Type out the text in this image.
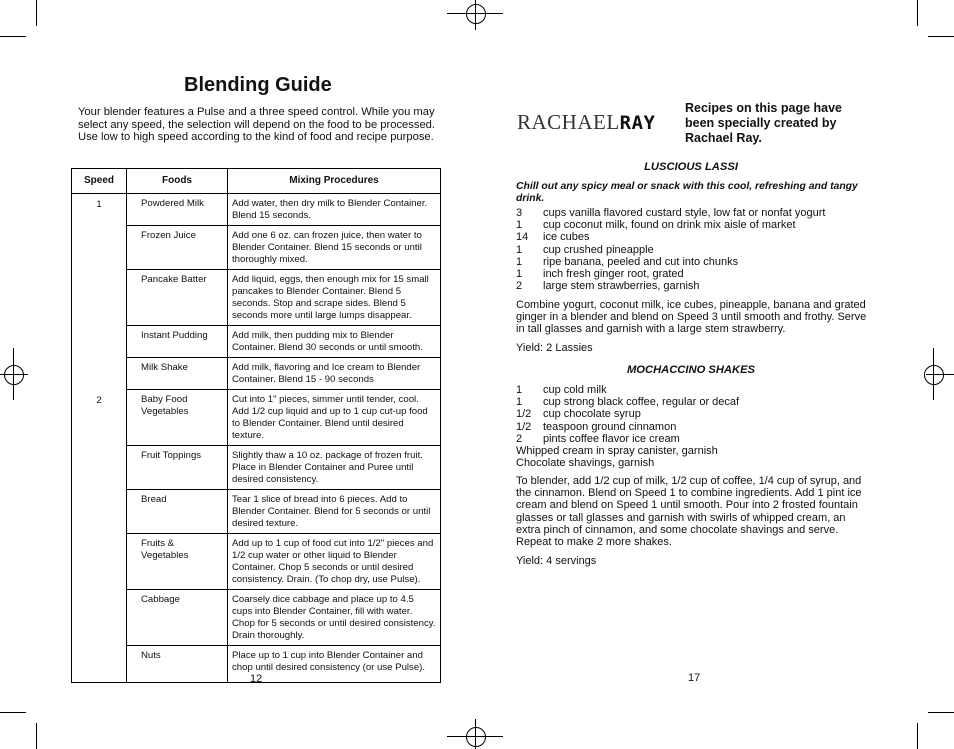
Blending Guide

Your blender features a Pulse and a three speed control. While you may select any speed, the selection will depend on the food to be processed. Use low to high speed according to the kind of food and recipe purpose.

Speed	Foods	Mixing Procedures
1	Powdered Milk	Add water, then dry milk to Blender Container. Blend 15 seconds.
	Frozen Juice	Add one 6 oz. can frozen juice, then water to Blender Container. Blend 15 seconds or until thoroughly mixed.
	Pancake Batter	Add liquid, eggs, then enough mix for 15 small pancakes to Blender Container. Blend 5 seconds. Stop and scrape sides. Blend 5 seconds more until large lumps disappear.
	Instant Pudding	Add milk, then pudding mix to Blender Container. Blend 30 seconds or until smooth.
	Milk Shake	Add milk, flavoring and Ice cream to Blender Container. Blend 15 - 90 seconds
2	Baby Food Vegetables	Cut into 1" pieces, simmer until tender, cool. Add 1/2 cup liquid and up to 1 cup cut-up food to Blender Container. Blend until desired texture.
	Fruit Toppings	Slightly thaw a 10 oz. package of frozen fruit. Place in Blender Container and Puree until desired consistency.
	Bread	Tear 1 slice of bread into 6 pieces. Add to Blender Container. Blend for 5 seconds or until desired texture.
	Fruits & Vegetables	Add up to 1 cup of food cut into 1/2" pieces and 1/2 cup water or other liquid to Blender Container. Chop 5 seconds or until desired consistency. Drain. (To chop dry, use Pulse).
	Cabbage	Coarsely dice cabbage and place up to 4.5 cups into Blender Container, fill with water. Chop for 5 seconds or until desired consistency. Drain thoroughly.
	Nuts	Place up to 1 cup into Blender Container and chop until desired consistency (or use Pulse).
12
RACHAELRAY

Recipes on this page have been specially created by Rachael Ray.

LUSCIOUS LASSI

Chill out any spicy meal or snack with this cool, refreshing and tangy drink.

3	cups vanilla flavored custard style, low fat or nonfat yogurt
1	cup coconut milk, found on drink mix aisle of market
14	ice cubes
1	cup crushed pineapple
1	ripe banana, peeled and cut into chunks
1	inch fresh ginger root, grated
2	large stem strawberries, garnish

Combine yogurt, coconut milk, ice cubes, pineapple, banana and grated ginger in a blender and blend on Speed 3 until smooth and frothy. Serve in tall glasses and garnish with a large stem strawberry.

Yield: 2 Lassies

MOCHACCINO SHAKES
1	cup cold milk
1	cup strong black coffee, regular or decaf
1/2	cup chocolate syrup
1/2	teaspoon ground cinnamon
2	pints coffee flavor ice cream
Whipped cream in spray canister, garnish
Chocolate shavings, garnish

To blender, add 1/2 cup of milk, 1/2 cup of coffee, 1/4 cup of syrup, and the cinnamon. Blend on Speed 1 to combine ingredients. Add 1 pint ice cream and blend on Speed 1 until smooth. Pour into 2 frosted fountain glasses or tall glasses and garnish with swirls of whipped cream, an extra pinch of cinnamon, and some chocolate shavings and serve. Repeat to make 2 more shakes.

Yield: 4 servings

17
